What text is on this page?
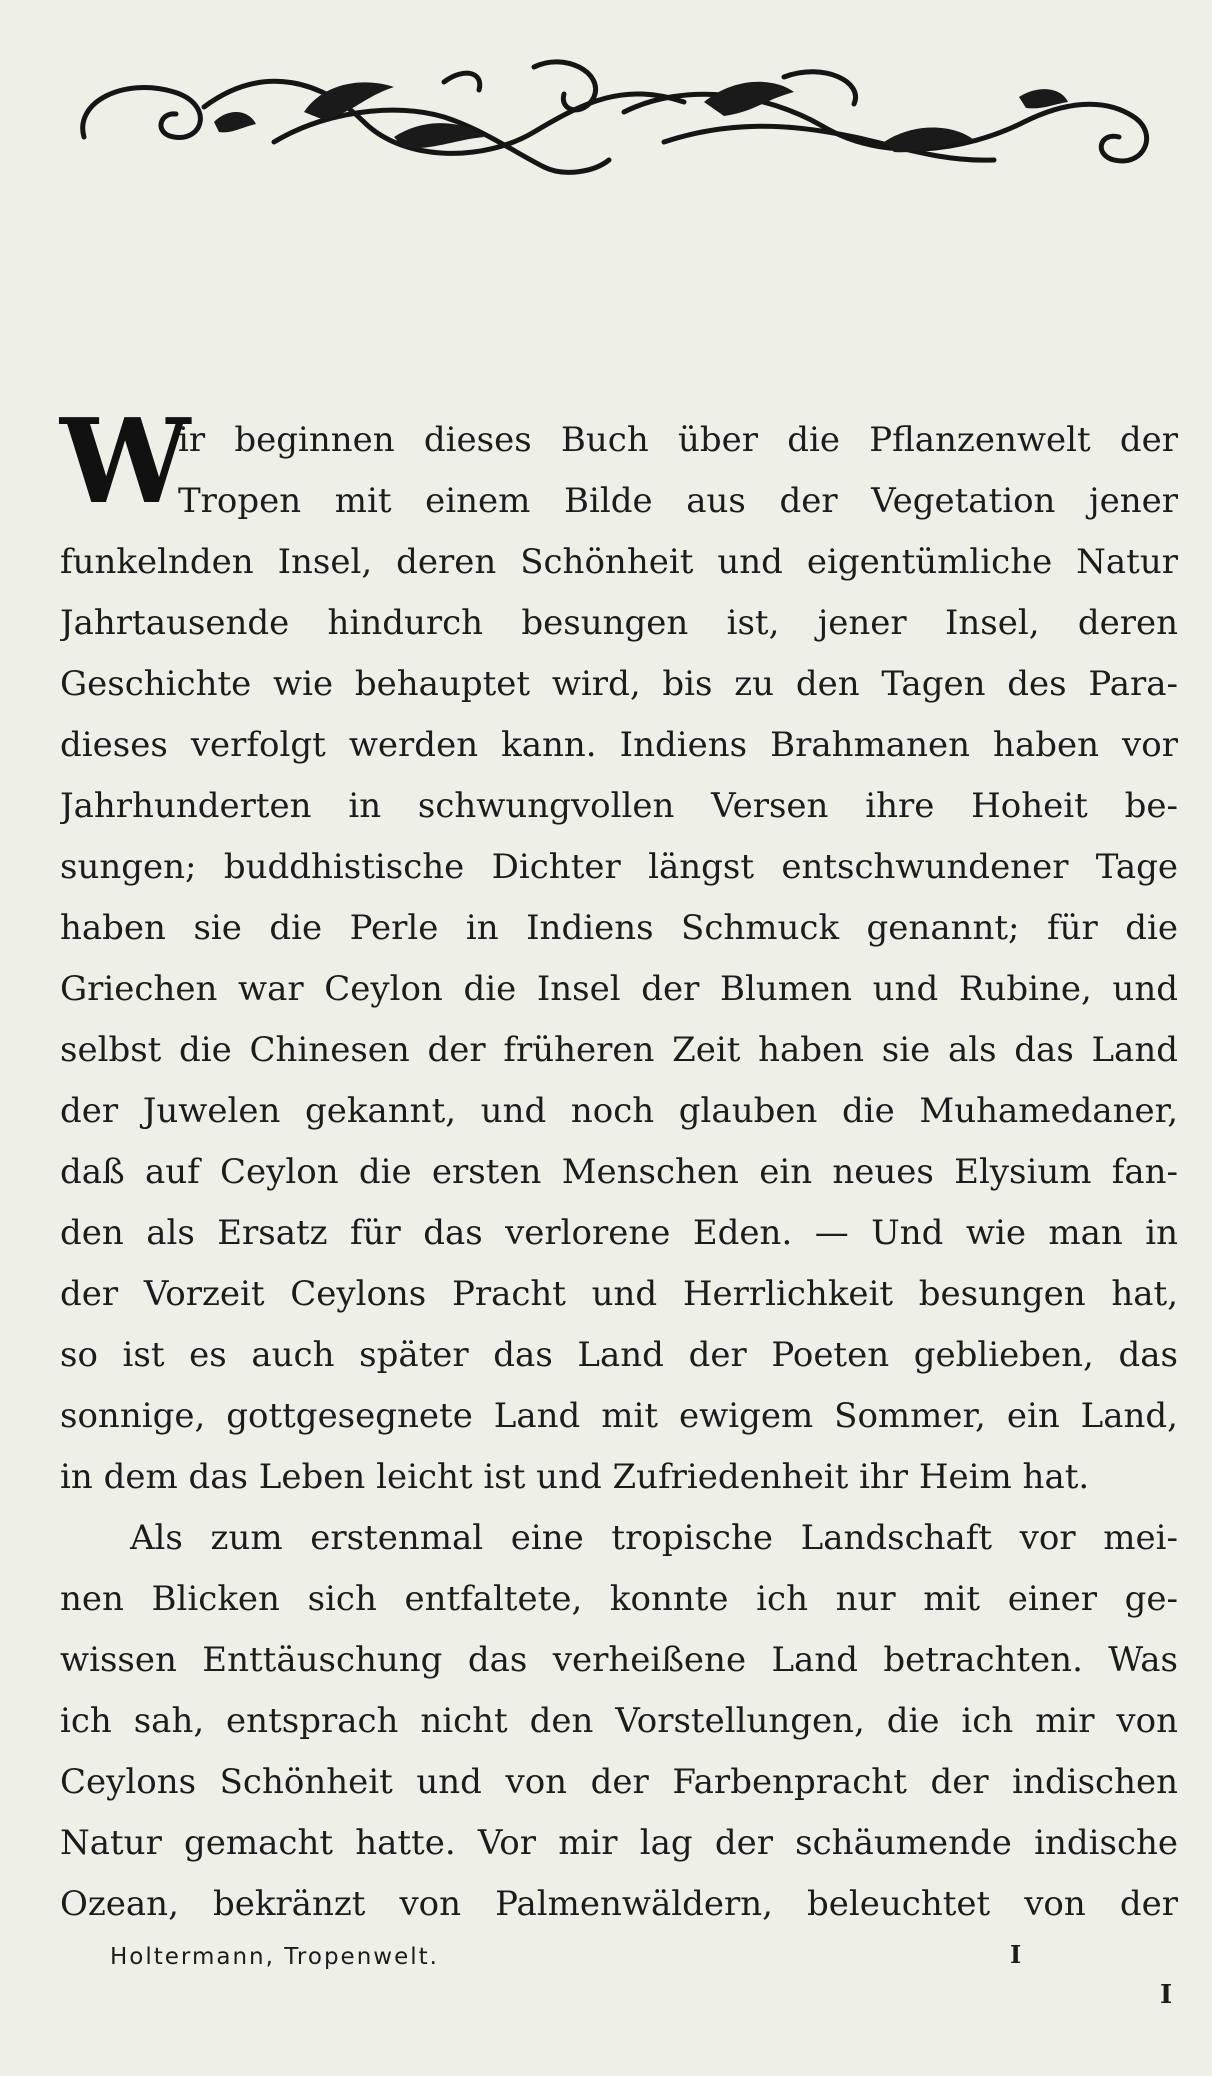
W
ir beginnen dieses Buch über die Pflanzenwelt der
Tropen mit einem Bilde aus der Vegetation jener
funkelnden Insel, deren Schönheit und eigentümliche Natur
Jahrtausende hindurch besungen ist, jener Insel, deren
Geschichte wie behauptet wird, bis zu den Tagen des Para-
dieses verfolgt werden kann. Indiens Brahmanen haben vor
Jahrhunderten in schwungvollen Versen ihre Hoheit be-
sungen; buddhistische Dichter längst entschwundener Tage
haben sie die Perle in Indiens Schmuck genannt; für die
Griechen war Ceylon die Insel der Blumen und Rubine, und
selbst die Chinesen der früheren Zeit haben sie als das Land
der Juwelen gekannt, und noch glauben die Muhamedaner,
daß auf Ceylon die ersten Menschen ein neues Elysium fan-
den als Ersatz für das verlorene Eden. — Und wie man in
der Vorzeit Ceylons Pracht und Herrlichkeit besungen hat,
so ist es auch später das Land der Poeten geblieben, das
sonnige, gottgesegnete Land mit ewigem Sommer, ein Land,
in dem das Leben leicht ist und Zufriedenheit ihr Heim hat.
Als zum erstenmal eine tropische Landschaft vor mei-
nen Blicken sich entfaltete, konnte ich nur mit einer ge-
wissen Enttäuschung das verheißene Land betrachten. Was
ich sah, entsprach nicht den Vorstellungen, die ich mir von
Ceylons Schönheit und von der Farbenpracht der indischen
Natur gemacht hatte. Vor mir lag der schäumende indische
Ozean, bekränzt von Palmenwäldern, beleuchtet von der
Holtermann, Tropenwelt.	I
I
